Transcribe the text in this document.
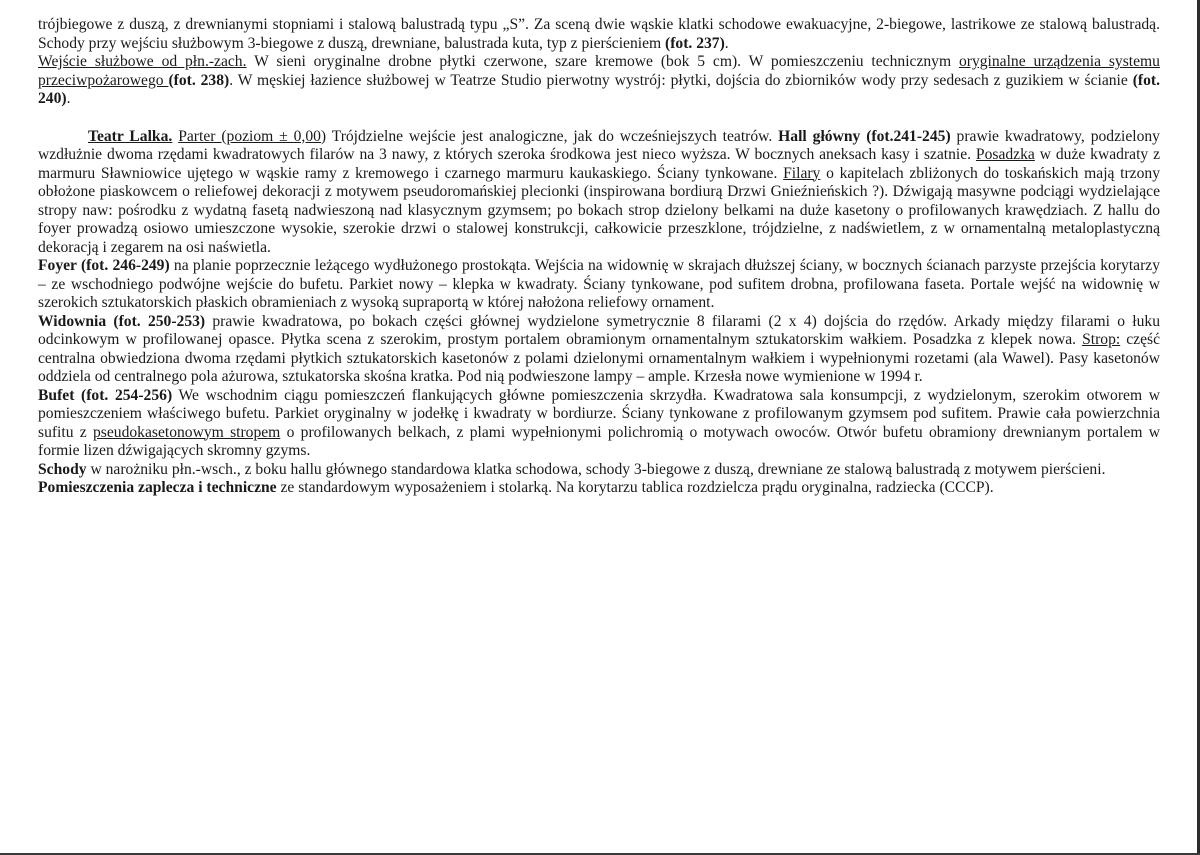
trójbiegowe z duszą, z drewnianymi stopniami i stalową balustradą typu „S”. Za sceną dwie wąskie klatki schodowe ewakuacyjne, 2-biegowe, lastrikowe ze stalową balustradą. Schody przy wejściu służbowym 3-biegowe z duszą, drewniane, balustrada kuta, typ z pierścieniem (fot. 237).

Wejście służbowe od płn.-zach. W sieni oryginalne drobne płytki czerwone, szare kremowe (bok 5 cm). W pomieszczeniu technicznym oryginalne urządzenia systemu przeciwpożarowego (fot. 238). W męskiej łazience służbowej w Teatrze Studio pierwotny wystrój: płytki, dojścia do zbiorników wody przy sedesach z guzikiem w ścianie (fot. 240).

Teatr Lalka. Parter (poziom ± 0,00) Trójdzielne wejście jest analogiczne, jak do wcześniejszych teatrów. Hall główny (fot.241-245) prawie kwadratowy, podzielony wzdłużnie dwoma rzędami kwadratowych filarów na 3 nawy, z których szeroka środkowa jest nieco wyższa. W bocznych aneksach kasy i szatnie. Posadzka w duże kwadraty z marmuru Sławniowice ujętego w wąskie ramy z kremowego i czarnego marmuru kaukaskiego. Ściany tynkowane. Filary o kapitelach zbliżonych do toskańskich mają trzony obłożone piaskowcem o reliefowej dekoracji z motywem pseudoromańskiej plecionki (inspirowana bordiurą Drzwi Gnieźnieńskich ?). Dźwigają masywne podciągi wydzielające stropy naw: pośrodku z wydatną fasetą nadwieszoną nad klasycznym gzymsem; po bokach strop dzielony belkami na duże kasetony o profilowanych krawędziach. Z hallu do foyer prowadzą osiowo umieszczone wysokie, szerokie drzwi o stalowej konstrukcji, całkowicie przeszklone, trójdzielne, z nadświetlem, z w ornamentalną metaloplastyczną dekoracją i zegarem na osi naświetla.

Foyer (fot. 246-249) na planie poprzecznie leżącego wydłużonego prostokąta. Wejścia na widownię w skrajach dłuższej ściany, w bocznych ścianach parzyste przejścia korytarzy – ze wschodniego podwójne wejście do bufetu. Parkiet nowy – klepka w kwadraty. Ściany tynkowane, pod sufitem drobna, profilowana faseta. Portale wejść na widownię w szerokich sztukatorskich płaskich obramieniach z wysoką supraportą w której nałożona reliefowy ornament.

Widownia (fot. 250-253) prawie kwadratowa, po bokach części głównej wydzielone symetrycznie 8 filarami (2 x 4) dojścia do rzędów. Arkady między filarami o łuku odcinkowym w profilowanej opasce. Płytka scena z szerokim, prostym portalem obramionym ornamentalnym sztukatorskim wałkiem. Posadzka z klepek nowa. Strop: część centralna obwiedziona dwoma rzędami płytkich sztukatorskich kasetonów z polami dzielonymi ornamentalnym wałkiem i wypełnionymi rozetami (ala Wawel). Pasy kasetonów oddziela od centralnego pola ażurowa, sztukatorska skośna kratka. Pod nią podwieszone lampy – ample. Krzesła nowe wymienione w 1994 r.

Bufet (fot. 254-256) We wschodnim ciągu pomieszczeń flankujących główne pomieszczenia skrzydła. Kwadratowa sala konsumpcji, z wydzielonym, szerokim otworem w pomieszczeniem właściwego bufetu. Parkiet oryginalny w jodełkę i kwadraty w bordiurze. Ściany tynkowane z profilowanym gzymsem pod sufitem. Prawie cała powierzchnia sufitu z pseudokasetonowym stropem o profilowanych belkach, z plami wypełnionymi polichromią o motywach owoców. Otwór bufetu obramiony drewnianym portalem w formie lizen dźwigających skromny gzyms.

Schody w narożniku płn.-wsch., z boku hallu głównego standardowa klatka schodowa, schody 3-biegowe z duszą, drewniane ze stalową balustradą z motywem pierścieni.

Pomieszczenia zaplecza i techniczne ze standardowym wyposażeniem i stolarką. Na korytarzu tablica rozdzielcza prądu oryginalna, radziecka (CCCP).
